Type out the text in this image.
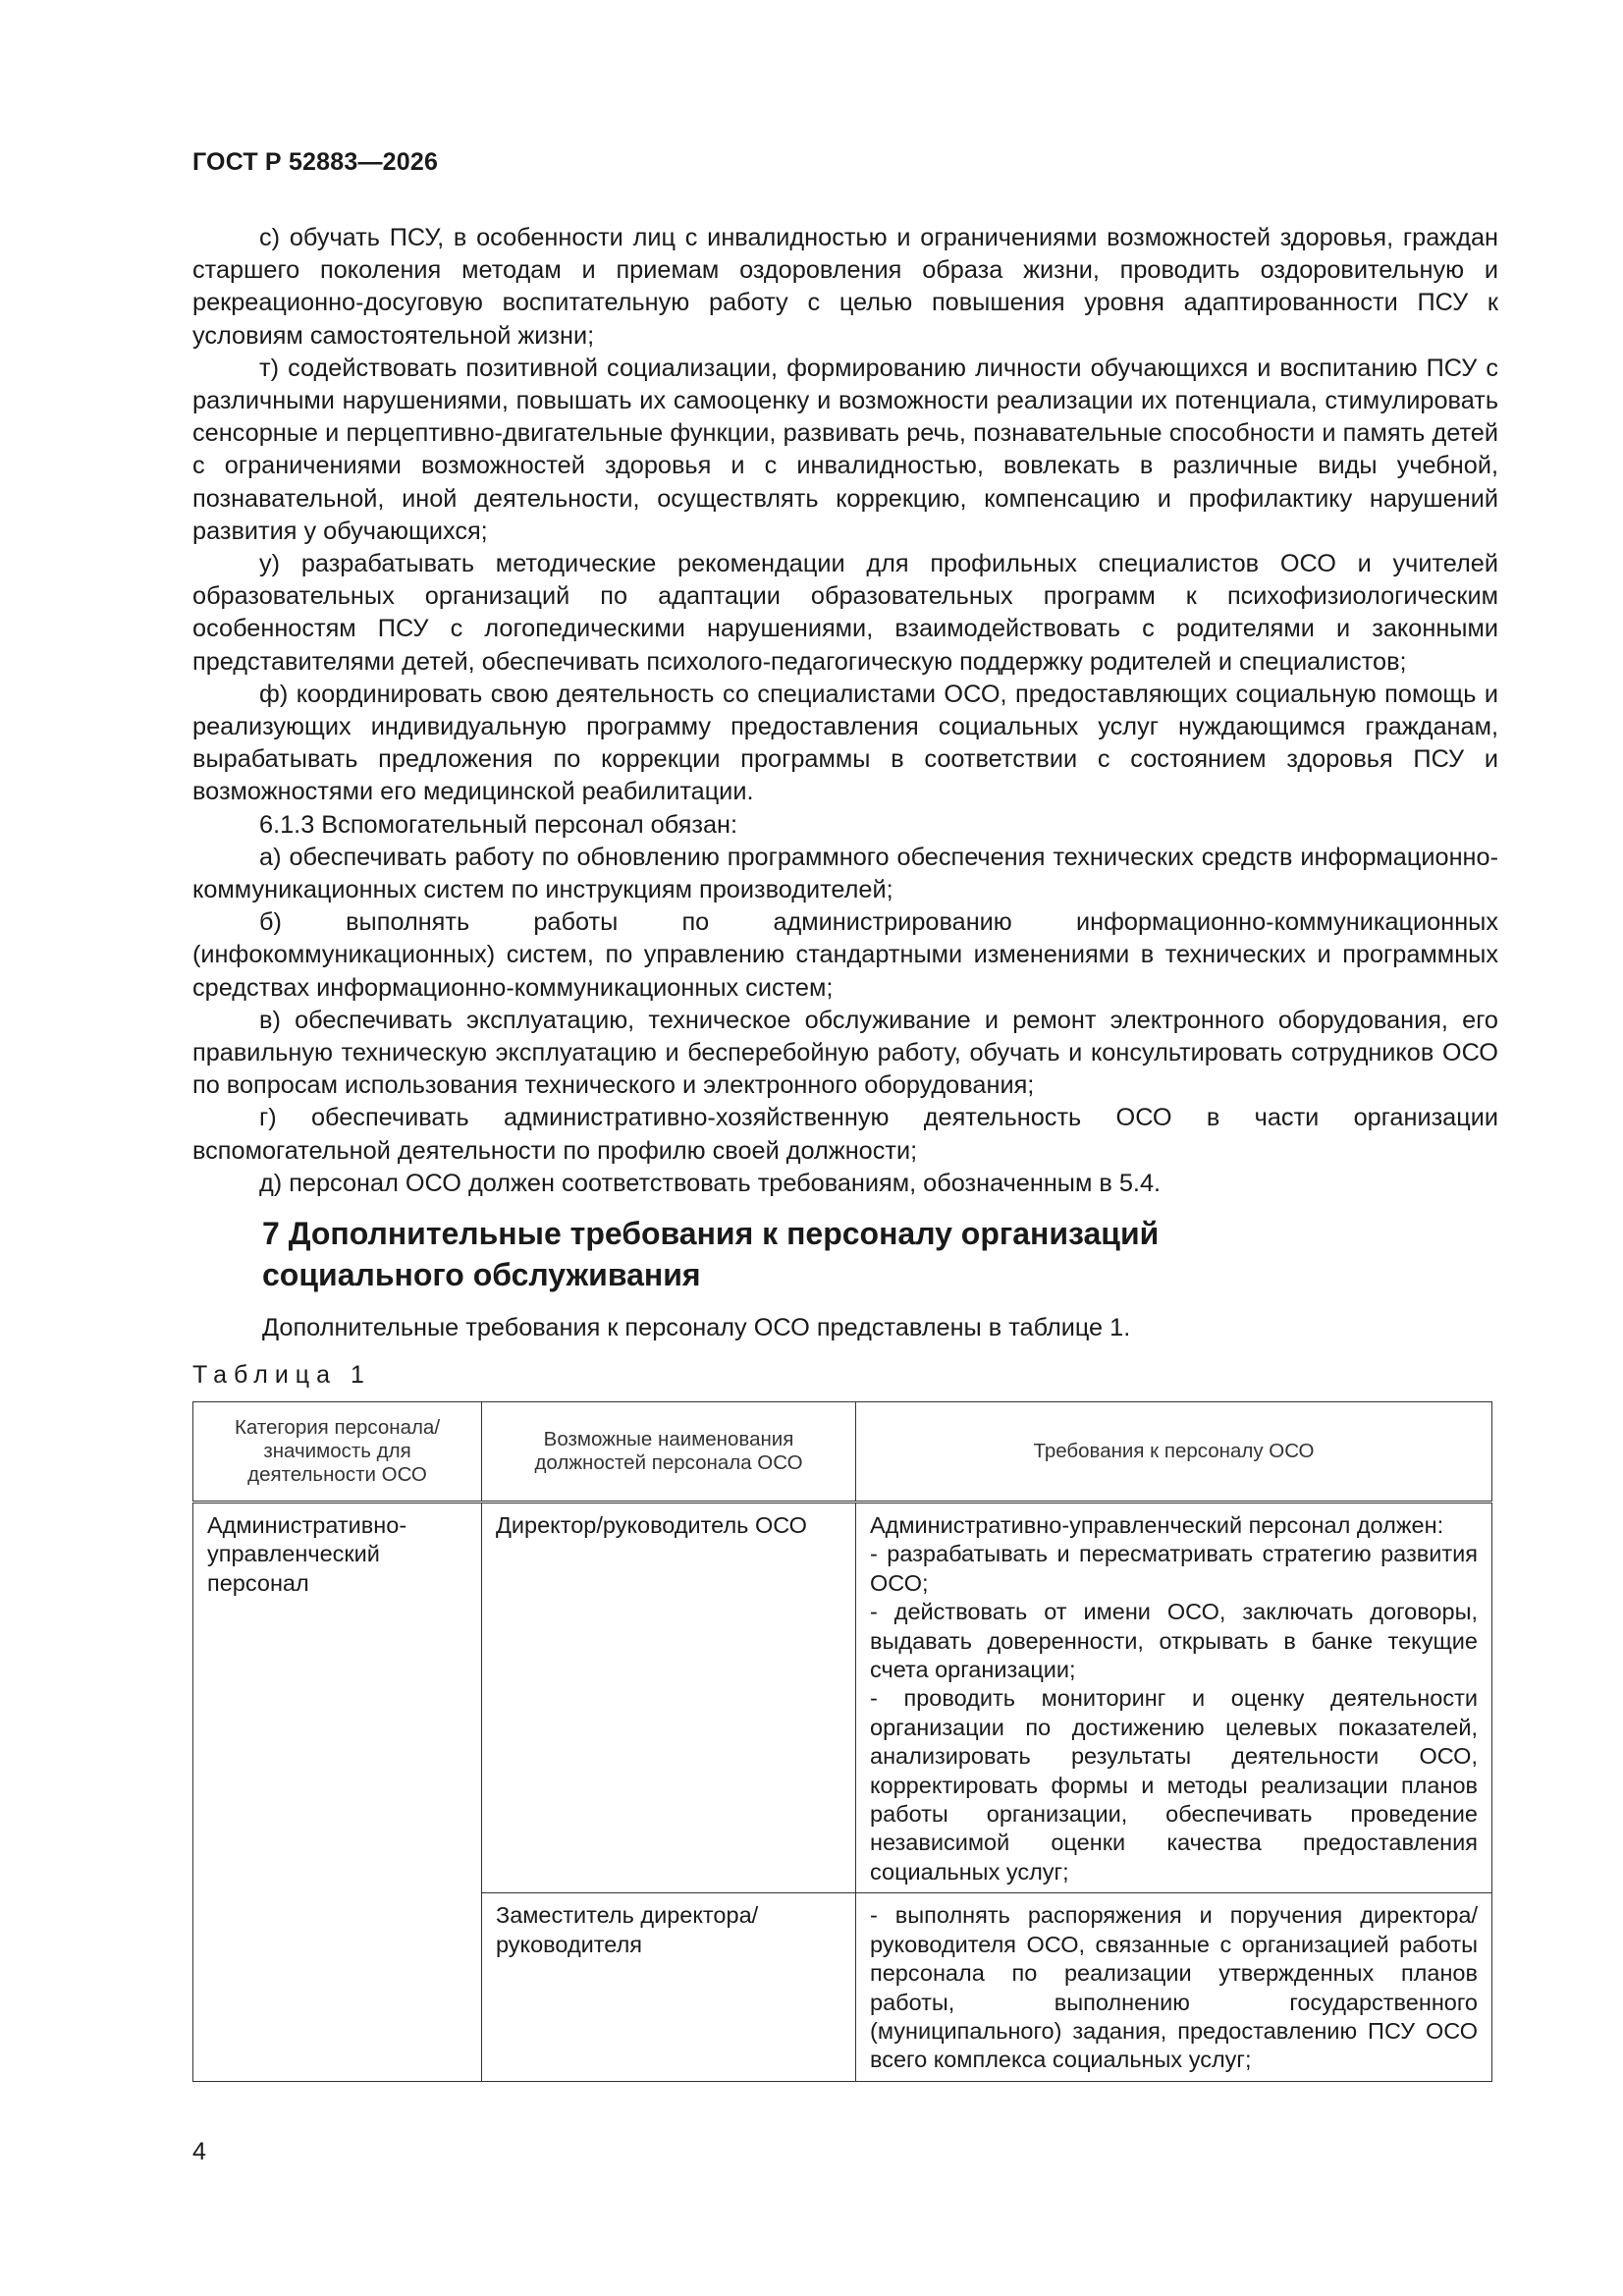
ГОСТ Р 52883—2026

с) обучать ПСУ, в особенности лиц с инвалидностью и ограничениями возможностей здоровья, граждан старшего поколения методам и приемам оздоровления образа жизни, проводить оздоровительную и рекреационно-досуговую воспитательную работу с целью повышения уровня адаптированности ПСУ к условиям самостоятельной жизни;

т) содействовать позитивной социализации, формированию личности обучающихся и воспитанию ПСУ с различными нарушениями, повышать их самооценку и возможности реализации их потенциала, стимулировать сенсорные и перцептивно-двигательные функции, развивать речь, познавательные способности и память детей с ограничениями возможностей здоровья и с инвалидностью, вовлекать в различные виды учебной, познавательной, иной деятельности, осуществлять коррекцию, компенсацию и профилактику нарушений развития у обучающихся;

у) разрабатывать методические рекомендации для профильных специалистов ОСО и учителей образовательных организаций по адаптации образовательных программ к психофизиологическим особенностям ПСУ с логопедическими нарушениями, взаимодействовать с родителями и законными представителями детей, обеспечивать психолого-педагогическую поддержку родителей и специалистов;

ф) координировать свою деятельность со специалистами ОСО, предоставляющих социальную помощь и реализующих индивидуальную программу предоставления социальных услуг нуждающимся гражданам, вырабатывать предложения по коррекции программы в соответствии с состоянием здоровья ПСУ и возможностями его медицинской реабилитации.

6.1.3 Вспомогательный персонал обязан:

а) обеспечивать работу по обновлению программного обеспечения технических средств информационно-коммуникационных систем по инструкциям производителей;

б) выполнять работы по администрированию информационно-коммуникационных (инфокоммуникационных) систем, по управлению стандартными изменениями в технических и программных средствах информационно-коммуникационных систем;

в) обеспечивать эксплуатацию, техническое обслуживание и ремонт электронного оборудования, его правильную техническую эксплуатацию и бесперебойную работу, обучать и консультировать сотрудников ОСО по вопросам использования технического и электронного оборудования;

г) обеспечивать административно-хозяйственную деятельность ОСО в части организации вспомогательной деятельности по профилю своей должности;

д) персонал ОСО должен соответствовать требованиям, обозначенным в 5.4.

7 Дополнительные требования к персоналу организаций
социального обслуживания
Дополнительные требования к персоналу ОСО представлены в таблице 1.
Таблица 1
Категория персонала/ значимость для деятельности ОСО	Возможные наименования должностей персонала ОСО	Требования к персоналу ОСО
Административно-управленческий персонал	Директор/руководитель ОСО	Административно-управленческий персонал должен:
- разрабатывать и пересматривать стратегию развития ОСО;
- действовать от имени ОСО, заключать договоры, выдавать доверенности, открывать в банке текущие счета организации;
- проводить мониторинг и оценку деятельности организации по достижению целевых показателей, анализировать результаты деятельности ОСО, корректировать формы и методы реализации планов работы организации, обеспечивать проведение независимой оценки качества предоставления социальных услуг;
	Заместитель директора/руководителя	- выполнять распоряжения и поручения директора/руководителя ОСО, связанные с организацией работы персонала по реализации утвержденных планов работы, выполнению государственного (муниципального) задания, предоставлению ПСУ ОСО всего комплекса социальных услуг;
4
